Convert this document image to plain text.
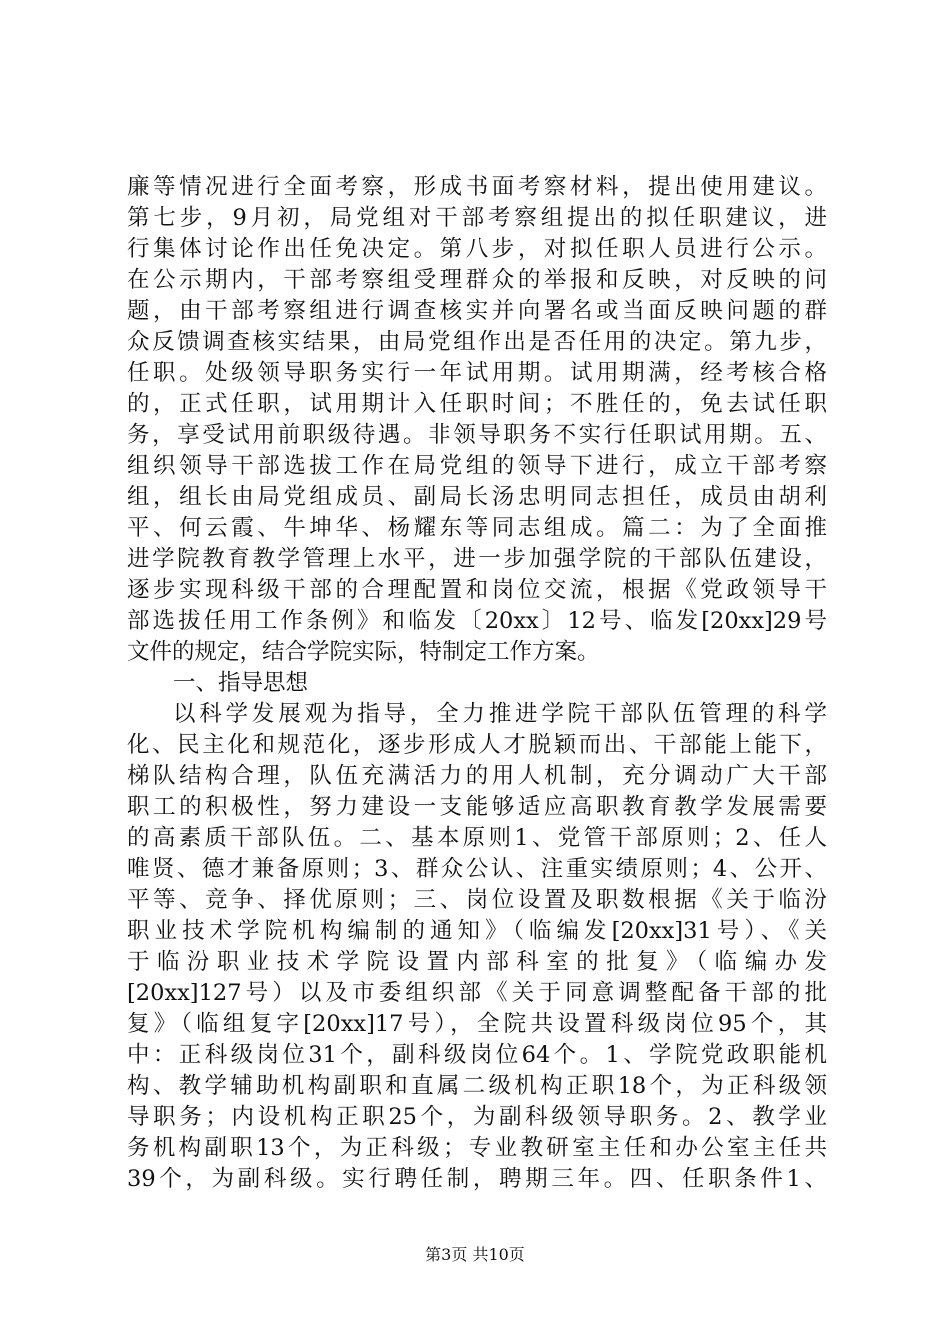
廉等情况进行全面考察，形成书面考察材料，提出使用建议。
第七步，9月初，局党组对干部考察组提出的拟任职建议，进
行集体讨论作出任免决定。第八步，对拟任职人员进行公示。
在公示期内，干部考察组受理群众的举报和反映，对反映的问
题，由干部考察组进行调查核实并向署名或当面反映问题的群
众反馈调查核实结果，由局党组作出是否任用的决定。第九步，
任职。处级领导职务实行一年试用期。试用期满，经考核合格
的，正式任职，试用期计入任职时间；不胜任的，免去试任职
务，享受试用前职级待遇。非领导职务不实行任职试用期。五、
组织领导干部选拔工作在局党组的领导下进行，成立干部考察
组，组长由局党组成员、副局长汤忠明同志担任，成员由胡利
平、何云霞、牛坤华、杨耀东等同志组成。篇二：为了全面推
进学院教育教学管理上水平，进一步加强学院的干部队伍建设，
逐步实现科级干部的合理配置和岗位交流，根据《党政领导干
部选拔任用工作条例》和临发〔20xx〕12号、临发[20xx]29号
文件的规定，结合学院实际，特制定工作方案。
一、指导思想
以科学发展观为指导，全力推进学院干部队伍管理的科学
化、民主化和规范化，逐步形成人才脱颖而出、干部能上能下，
梯队结构合理，队伍充满活力的用人机制，充分调动广大干部
职工的积极性，努力建设一支能够适应高职教育教学发展需要
的高素质干部队伍。二、基本原则1、党管干部原则；2、任人
唯贤、德才兼备原则；3、群众公认、注重实绩原则；4、公开、
平等、竞争、择优原则；三、岗位设置及职数根据《关于临汾
职业技术学院机构编制的通知》（临编发[20xx]31号）、《关
于临汾职业技术学院设置内部科室的批复》（临编办发
[20xx]127号）以及市委组织部《关于同意调整配备干部的批
复》（临组复字[20xx]17号），全院共设置科级岗位95个，其
中：正科级岗位31个，副科级岗位64个。1、学院党政职能机
构、教学辅助机构副职和直属二级机构正职18个，为正科级领
导职务；内设机构正职25个，为副科级领导职务。2、教学业
务机构副职13个，为正科级；专业教研室主任和办公室主任共
39个，为副科级。实行聘任制，聘期三年。四、任职条件1、
第3页 共10页
